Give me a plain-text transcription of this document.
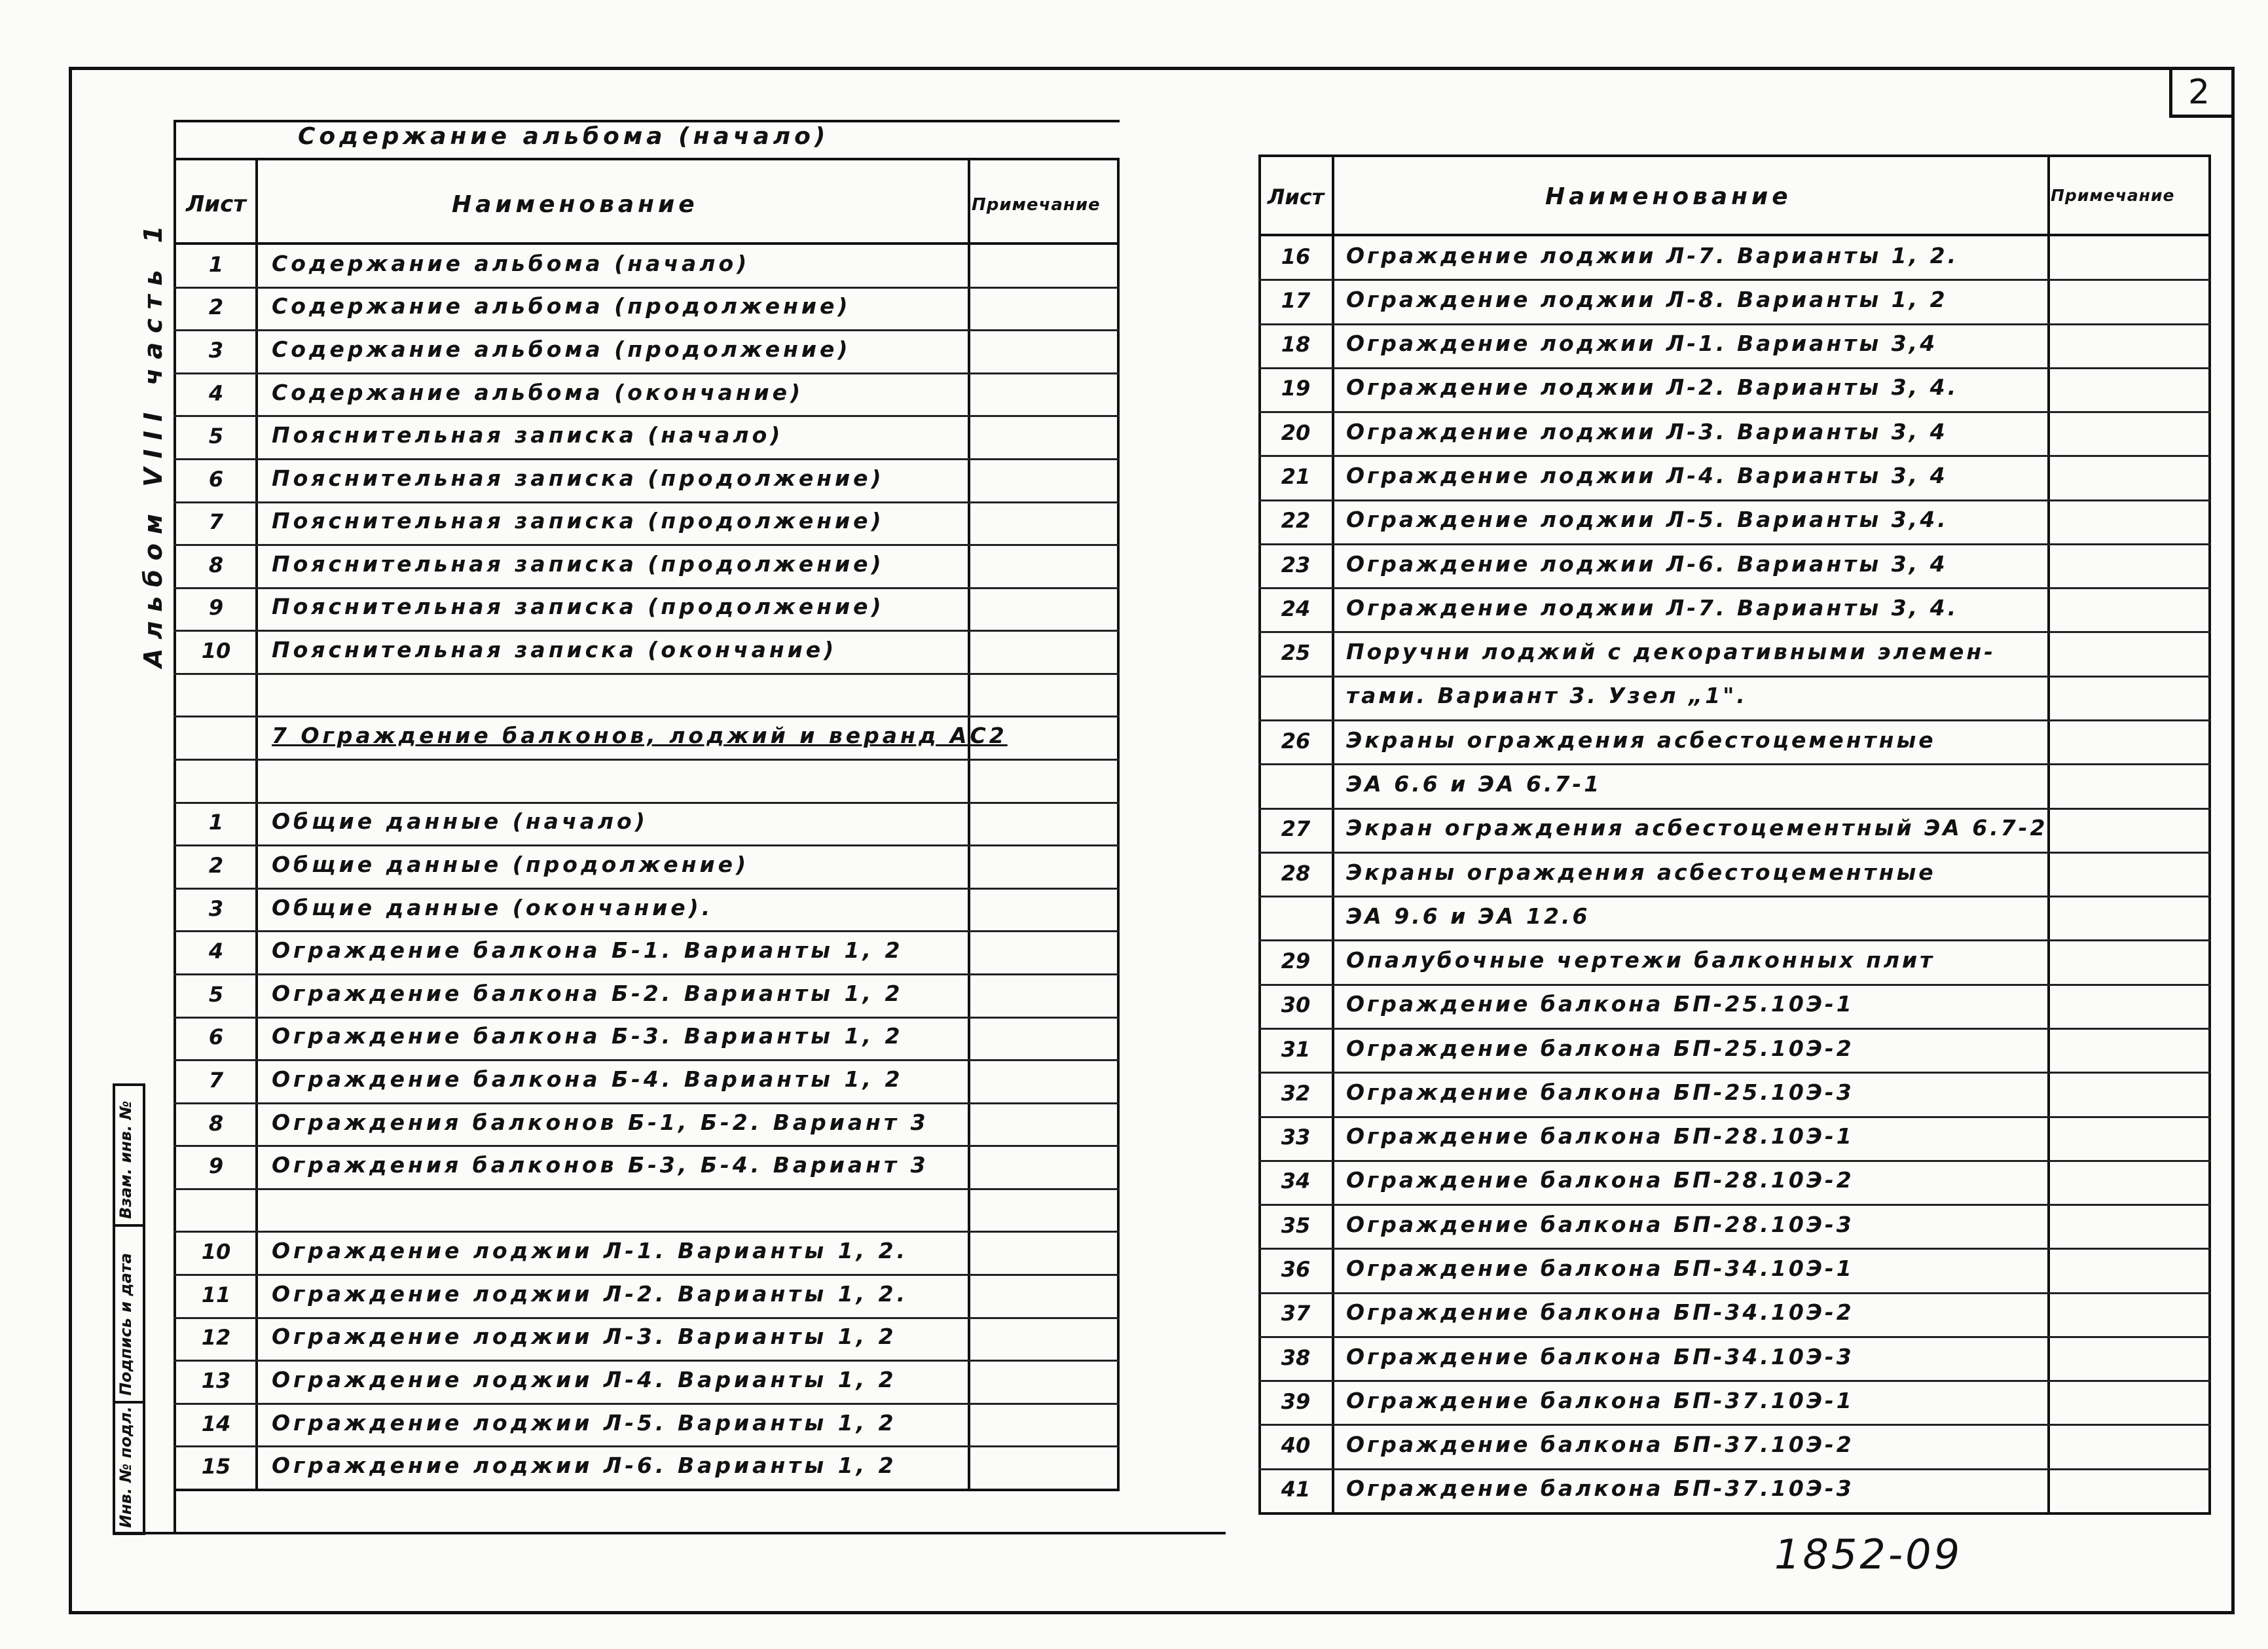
2
Альбом VIII часть 1
Взам. инв. №
Подпись и дата
Инв. № подл.
Содержание альбома (начало)
Лист	Наименование	Примечание
1	Содержание альбома (начало)
2	Содержание альбома (продолжение)
3	Содержание альбома (продолжение)
4	Содержание альбома (окончание)
5	Пояснительная записка (начало)
6	Пояснительная записка (продолжение)
7	Пояснительная записка (продолжение)
8	Пояснительная записка (продолжение)
9	Пояснительная записка (продолжение)
10	Пояснительная записка (окончание)
7 Ограждение балконов, лоджий и веранд АС2
1	Общие данные (начало)
2	Общие данные (продолжение)
3	Общие данные (окончание).
4	Ограждение балкона Б-1. Варианты 1, 2
5	Ограждение балкона Б-2. Варианты 1, 2
6	Ограждение балкона Б-3. Варианты 1, 2
7	Ограждение балкона Б-4. Варианты 1, 2
8	Ограждения балконов Б-1, Б-2. Вариант 3
9	Ограждения балконов Б-3, Б-4. Вариант 3
10	Ограждение лоджии Л-1. Варианты 1, 2.
11	Ограждение лоджии Л-2. Варианты 1, 2.
12	Ограждение лоджии Л-3. Варианты 1, 2
13	Ограждение лоджии Л-4. Варианты 1, 2
14	Ограждение лоджии Л-5. Варианты 1, 2
15	Ограждение лоджии Л-6. Варианты 1, 2
Лист	Наименование	Примечание
16	Ограждение лоджии Л-7. Варианты 1, 2.
17	Ограждение лоджии Л-8. Варианты 1, 2
18	Ограждение лоджии Л-1. Варианты 3,4
19	Ограждение лоджии Л-2. Варианты 3, 4.
20	Ограждение лоджии Л-3. Варианты 3, 4
21	Ограждение лоджии Л-4. Варианты 3, 4
22	Ограждение лоджии Л-5. Варианты 3,4.
23	Ограждение лоджии Л-6. Варианты 3, 4
24	Ограждение лоджии Л-7. Варианты 3, 4.
25	Поручни лоджий с декоративными элемен-
тами. Вариант 3. Узел „1".
26	Экраны ограждения асбестоцементные
ЭА 6.6 и ЭА 6.7-1
27	Экран ограждения асбестоцементный ЭА 6.7-2
28	Экраны ограждения асбестоцементные
ЭА 9.6 и ЭА 12.6
29	Опалубочные чертежи балконных плит
30	Ограждение балкона БП-25.10Э-1
31	Ограждение балкона БП-25.10Э-2
32	Ограждение балкона БП-25.10Э-3
33	Ограждение балкона БП-28.10Э-1
34	Ограждение балкона БП-28.10Э-2
35	Ограждение балкона БП-28.10Э-3
36	Ограждение балкона БП-34.10Э-1
37	Ограждение балкона БП-34.10Э-2
38	Ограждение балкона БП-34.10Э-3
39	Ограждение балкона БП-37.10Э-1
40	Ограждение балкона БП-37.10Э-2
41	Ограждение балкона БП-37.10Э-3
1852-09
